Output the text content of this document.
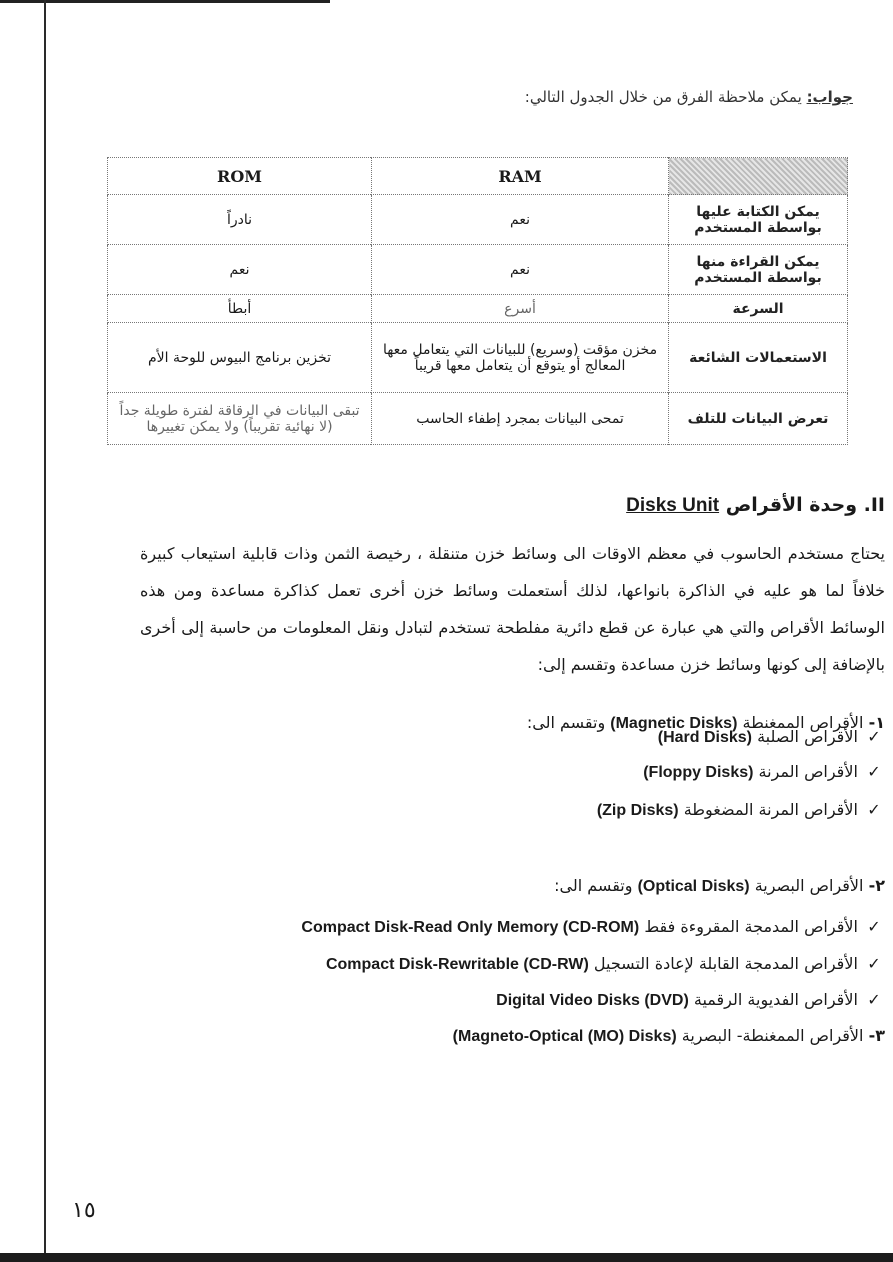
جواب: يمكن ملاحظة الفرق من خلال الجدول التالي:
	RAM	ROM
يمكن الكتابة عليها بواسطة المستخدم	نعم	نادراً
يمكن القراءة منها بواسطة المستخدم	نعم	نعم
السرعة	أسرع	أبطأ
الاستعمالات الشائعة	مخزن مؤقت (وسريع) للبيانات التي يتعامل معها المعالج أو يتوقع أن يتعامل معها قريباً	تخزين برنامج البيوس للوحة الأم
تعرض البيانات للتلف	تمحى البيانات بمجرد إطفاء الحاسب	تبقى البيانات في الرقاقة لفترة طويلة جداً (لا نهائية تقريباً) ولا يمكن تغييرها
II. وحدة الأقراص Disks Unit
يحتاج مستخدم الحاسوب في معظم الاوقات الى وسائط خزن متنقلة ، رخيصة الثمن وذات قابلية استيعاب كبيرة خلافاً لما هو عليه في الذاكرة بانواعها، لذلك أستعملت وسائط خزن أخرى تعمل كذاكرة مساعدة ومن هذه الوسائط الأقراص والتي هي عبارة عن قطع دائرية مفلطحة تستخدم لتبادل ونقل المعلومات من حاسبة إلى أخرى بالإضافة إلى كونها وسائط خزن مساعدة وتقسم إلى:
١- الأقراص الممغنطة (Magnetic Disks) وتقسم الى:
✓ الأقراص الصلبة (Hard Disks)
✓ الأقراص المرنة (Floppy Disks)
✓ الأقراص المرنة المضغوطة (Zip Disks)
٢- الأقراص البصرية (Optical Disks) وتقسم الى:
✓ الأقراص المدمجة المقروءة فقط (Compact Disk-Read Only Memory (CD-ROM
✓ الأقراص المدمجة القابلة لإعادة التسجيل (Compact Disk-Rewritable (CD-RW
✓ الأقراص الفديوية الرقمية (Digital Video Disks (DVD
٣- الأقراص الممغنطة- البصرية (Magneto-Optical (MO) Disks)
١٥
